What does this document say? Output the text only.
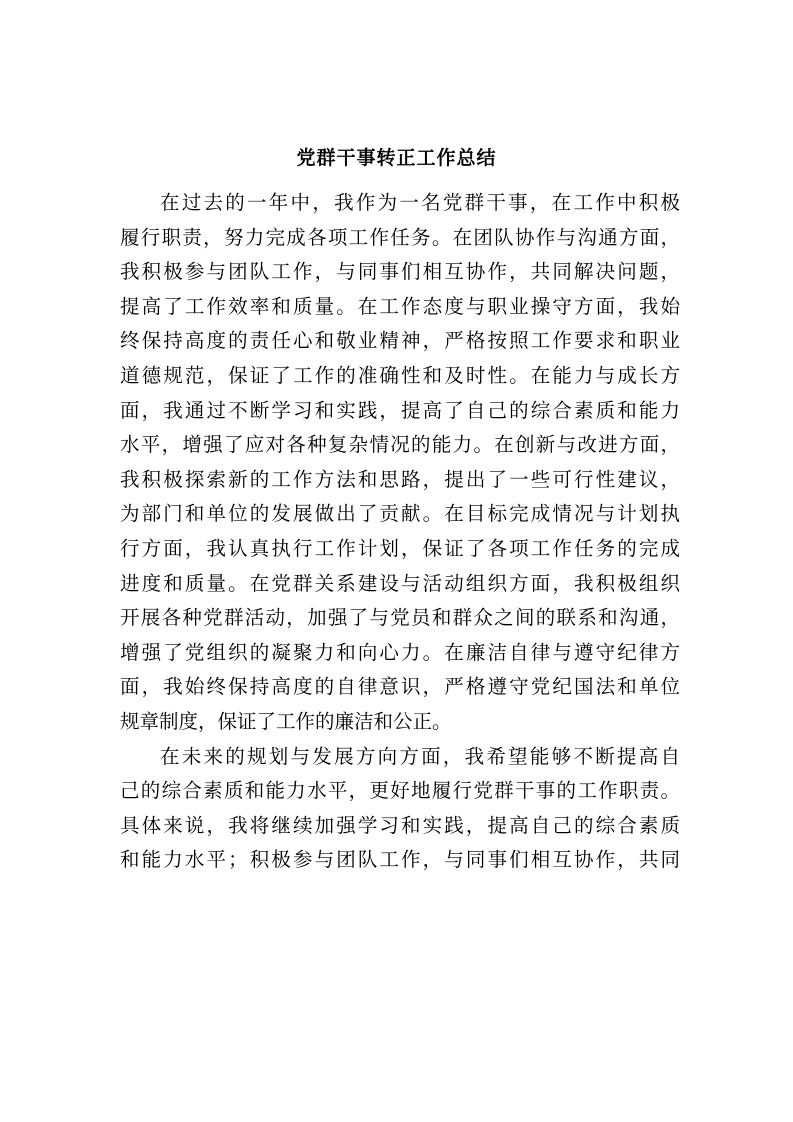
党群干事转正工作总结
在过去的一年中，我作为一名党群干事，在工作中积极
履行职责，努力完成各项工作任务。在团队协作与沟通方面，
我积极参与团队工作，与同事们相互协作，共同解决问题，
提高了工作效率和质量。在工作态度与职业操守方面，我始
终保持高度的责任心和敬业精神，严格按照工作要求和职业
道德规范，保证了工作的准确性和及时性。在能力与成长方
面，我通过不断学习和实践，提高了自己的综合素质和能力
水平，增强了应对各种复杂情况的能力。在创新与改进方面，
我积极探索新的工作方法和思路，提出了一些可行性建议，
为部门和单位的发展做出了贡献。在目标完成情况与计划执
行方面，我认真执行工作计划，保证了各项工作任务的完成
进度和质量。在党群关系建设与活动组织方面，我积极组织
开展各种党群活动，加强了与党员和群众之间的联系和沟通，
增强了党组织的凝聚力和向心力。在廉洁自律与遵守纪律方
面，我始终保持高度的自律意识，严格遵守党纪国法和单位
规章制度，保证了工作的廉洁和公正。
在未来的规划与发展方向方面，我希望能够不断提高自
己的综合素质和能力水平，更好地履行党群干事的工作职责。
具体来说，我将继续加强学习和实践，提高自己的综合素质
和能力水平；积极参与团队工作，与同事们相互协作，共同
